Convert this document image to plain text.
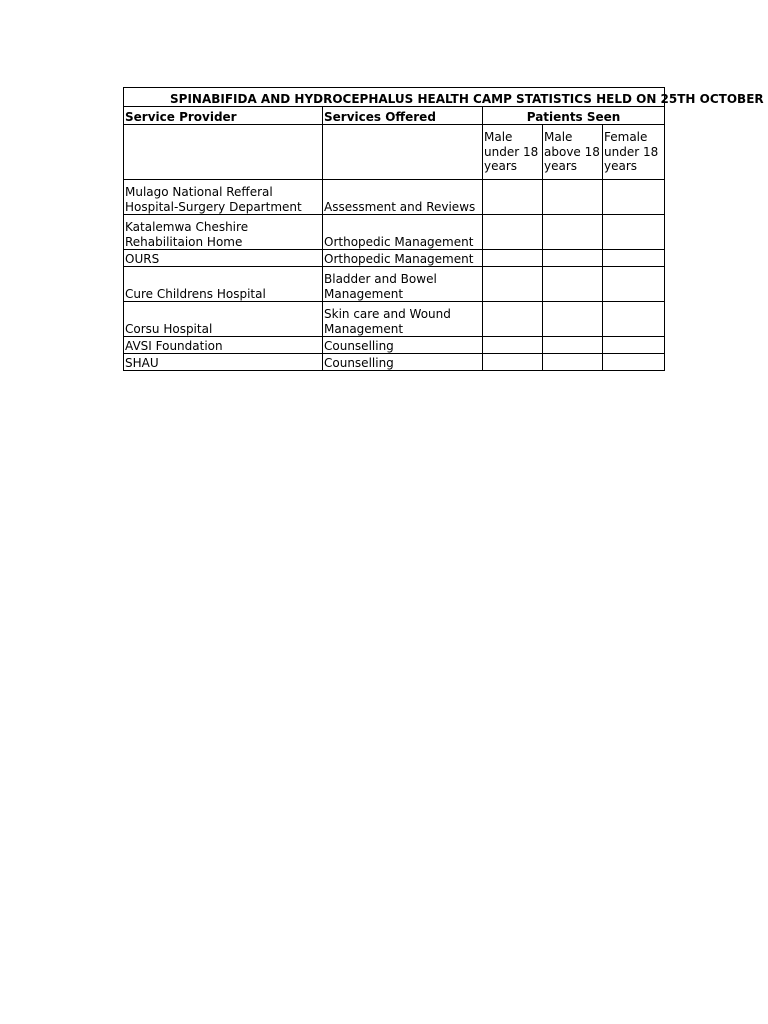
SPINABIFIDA AND HYDROCEPHALUS HEALTH CAMP STATISTICS HELD ON 25TH OCTOBER				
Service Provider	Services Offered	Patients Seen		
		Male under 18 years	Male above 18 years	Female under 18 years
Mulago National Refferal Hospital-Surgery Department	Assessment and Reviews			
Katalemwa Cheshire Rehabilitaion Home	Orthopedic Management			
OURS	Orthopedic Management			
Cure Childrens Hospital	Bladder and Bowel Management			
Corsu Hospital	Skin care and Wound Management			
AVSI Foundation	Counselling			
SHAU	Counselling			
